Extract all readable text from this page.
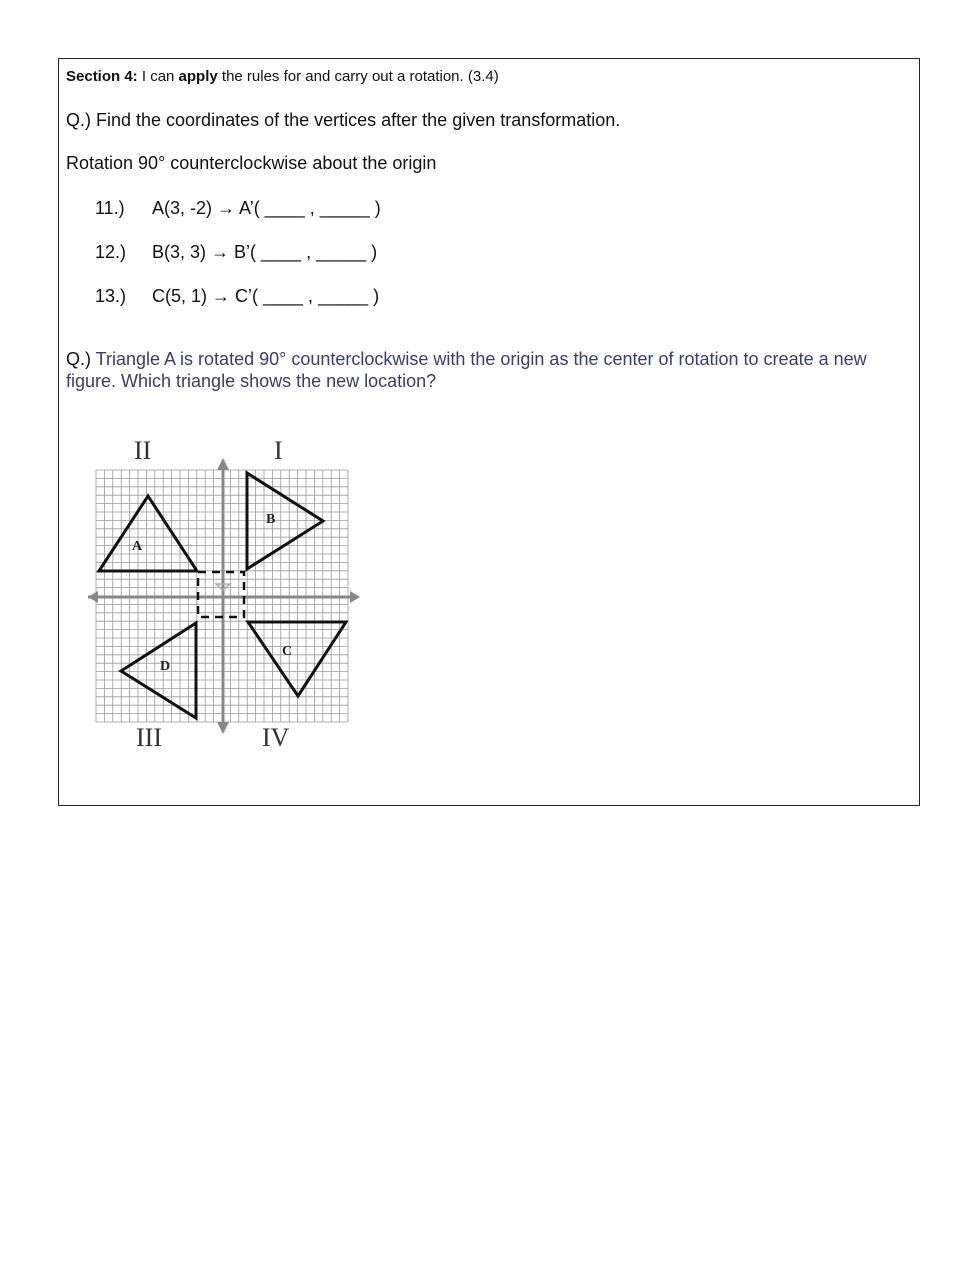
Section 4: I can apply the rules for and carry out a rotation. (3.4)
Q.) Find the coordinates of the vertices after the given transformation.
Rotation 90° counterclockwise about the origin
11.) A(3, -2) → A’( ____ , _____ )
12.) B(3, 3) → B’( ____ , _____ )
13.) C(5, 1) → C’( ____ , _____ )
Q.) Triangle A is rotated 90° counterclockwise with the origin as the center of rotation to create a new figure. Which triangle shows the new location?
A
B
C
D
II	I
III	IV
